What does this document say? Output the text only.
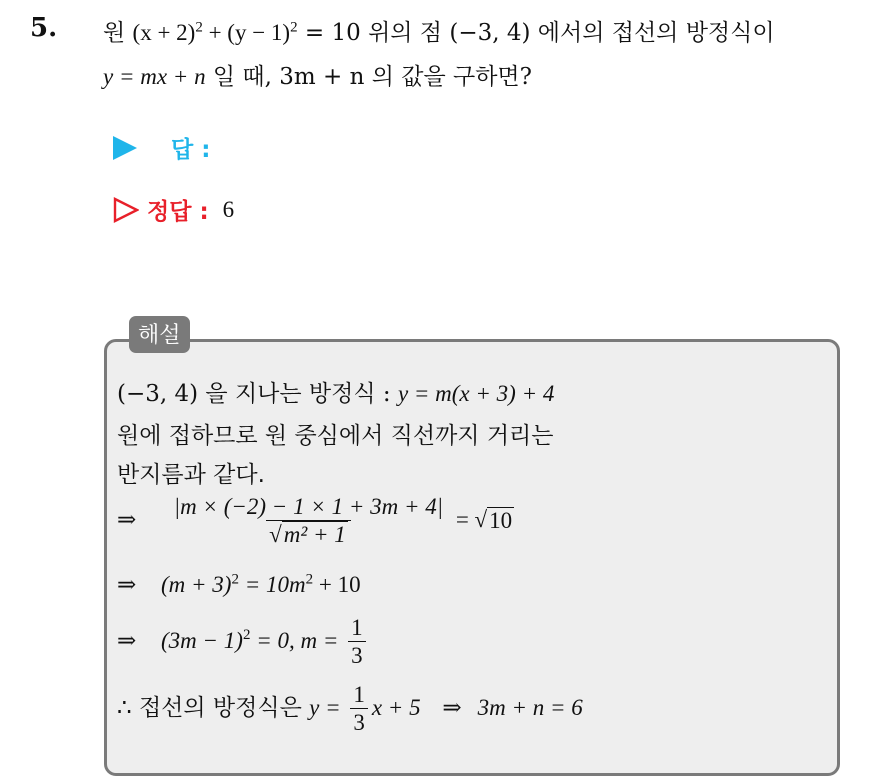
5. 원 $(x + 2)^2 + (y - 1)^2 = 10$ 위의 점 (−3, 4) 에서의 접선의 방정식이
y = mx + n 일 때, 3m + n 의 값을 구하면?
답 :
정답 : 6
해설
(−3, 4) 을 지나는 방정식 : y = m(x + 3) + 4
원에 접하므로 원 중심에서 직선까지 거리는
반지름과 같다.
⇒ $\frac{|m \times (-2) - 1 \times 1 + 3m + 4|}{\text{√ m² + 1}}$ = √ 10
⇒ $(m + 3)^2 = 10m^2 + 10$
⇒ $(3m - 1)^2 = 0$, $m = \frac{1}{3}$
∴ 접선의 방정식은 $y = \frac{1}{3}$ x + 5 ⇒ 3m + n = 6
